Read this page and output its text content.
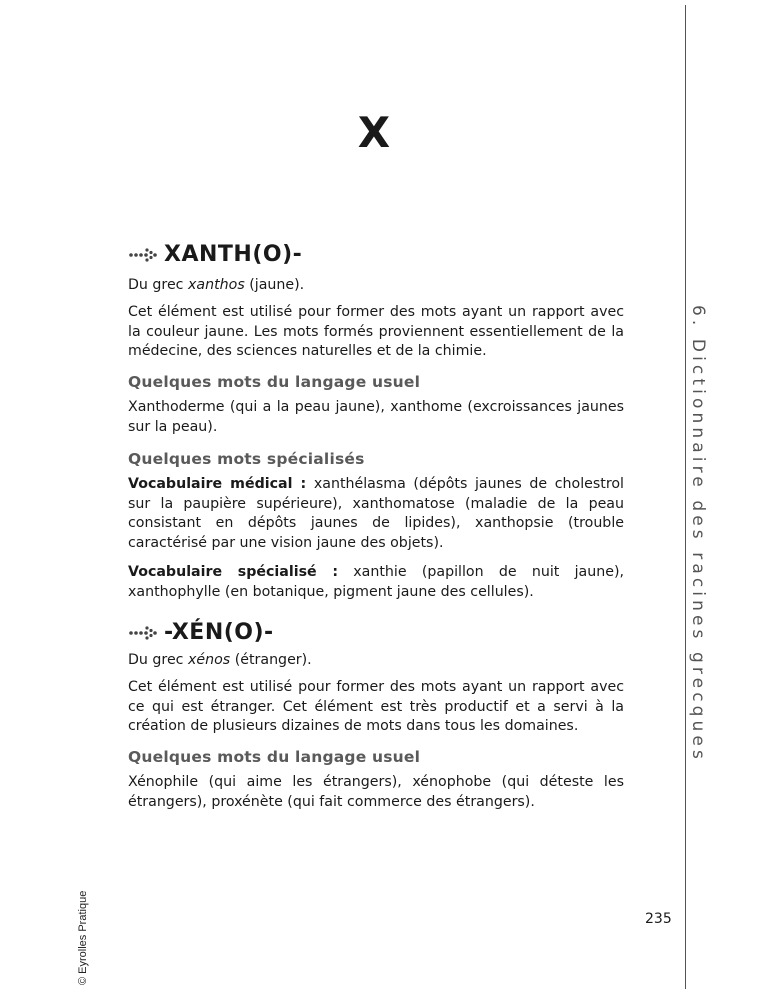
X
XANTH(O)-

Du grec xanthos (jaune).

Cet élément est utilisé pour former des mots ayant un rapport avec la couleur jaune. Les mots formés proviennent essentiellement de la médecine, des sciences naturelles et de la chimie.

Quelques mots du langage usuel

Xanthoderme (qui a la peau jaune), xanthome (excroissances jaunes sur la peau).

Quelques mots spécialisés

Vocabulaire médical : xanthélasma (dépôts jaunes de cholestrol sur la paupière supérieure), xanthomatose (maladie de la peau consistant en dépôts jaunes de lipides), xanthopsie (trouble caractérisé par une vision jaune des objets).

Vocabulaire spécialisé : xanthie (papillon de nuit jaune), xanthophylle (en botanique, pigment jaune des cellules).

-XÉN(O)-

Du grec xénos (étranger).

Cet élément est utilisé pour former des mots ayant un rapport avec ce qui est étranger. Cet élément est très productif et a servi à la création de plusieurs dizaines de mots dans tous les domaines.

Quelques mots du langage usuel

Xénophile (qui aime les étrangers), xénophobe (qui déteste les étrangers), proxénète (qui fait commerce des étrangers).

6. Dictionnaire des racines grecques
© Eyrolles Pratique	235
